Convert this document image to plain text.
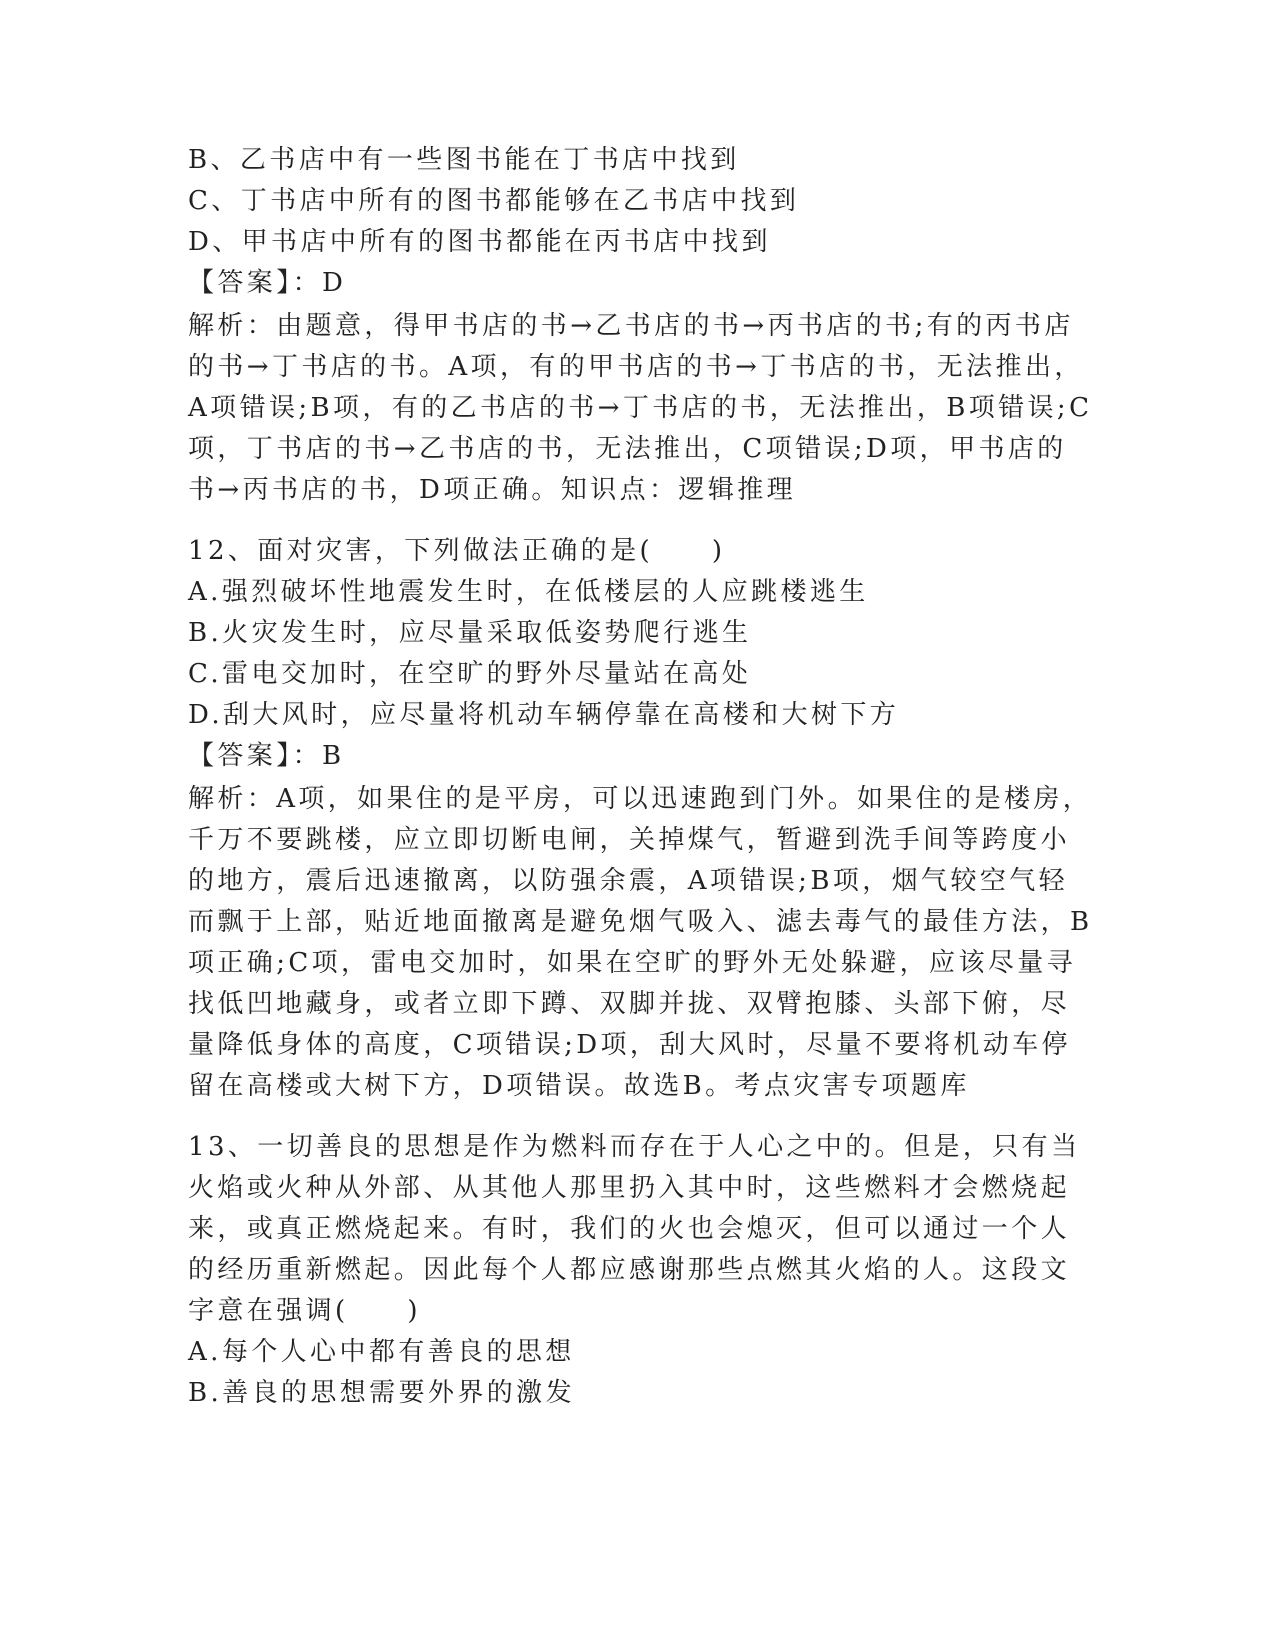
B、乙书店中有一些图书能在丁书店中找到
C、丁书店中所有的图书都能够在乙书店中找到
D、甲书店中所有的图书都能在丙书店中找到
【答案】：D
解析：由题意，得甲书店的书→乙书店的书→丙书店的书;有的丙书店
的书→丁书店的书。A项，有的甲书店的书→丁书店的书，无法推出，
A项错误;B项，有的乙书店的书→丁书店的书，无法推出，B项错误;C
项，丁书店的书→乙书店的书，无法推出，C项错误;D项，甲书店的
书→丙书店的书，D项正确。知识点：逻辑推理
12、面对灾害，下列做法正确的是(　　)
A.强烈破坏性地震发生时，在低楼层的人应跳楼逃生
B.火灾发生时，应尽量采取低姿势爬行逃生
C.雷电交加时，在空旷的野外尽量站在高处
D.刮大风时，应尽量将机动车辆停靠在高楼和大树下方
【答案】：B
解析：A项，如果住的是平房，可以迅速跑到门外。如果住的是楼房，
千万不要跳楼，应立即切断电闸，关掉煤气，暂避到洗手间等跨度小
的地方，震后迅速撤离，以防强余震，A项错误;B项，烟气较空气轻
而飘于上部，贴近地面撤离是避免烟气吸入、滤去毒气的最佳方法，B
项正确;C项，雷电交加时，如果在空旷的野外无处躲避，应该尽量寻
找低凹地藏身，或者立即下蹲、双脚并拢、双臂抱膝、头部下俯，尽
量降低身体的高度，C项错误;D项，刮大风时，尽量不要将机动车停
留在高楼或大树下方，D项错误。故选B。考点灾害专项题库
13、一切善良的思想是作为燃料而存在于人心之中的。但是，只有当
火焰或火种从外部、从其他人那里扔入其中时，这些燃料才会燃烧起
来，或真正燃烧起来。有时，我们的火也会熄灭，但可以通过一个人
的经历重新燃起。因此每个人都应感谢那些点燃其火焰的人。这段文
字意在强调(　　)
A.每个人心中都有善良的思想
B.善良的思想需要外界的激发
